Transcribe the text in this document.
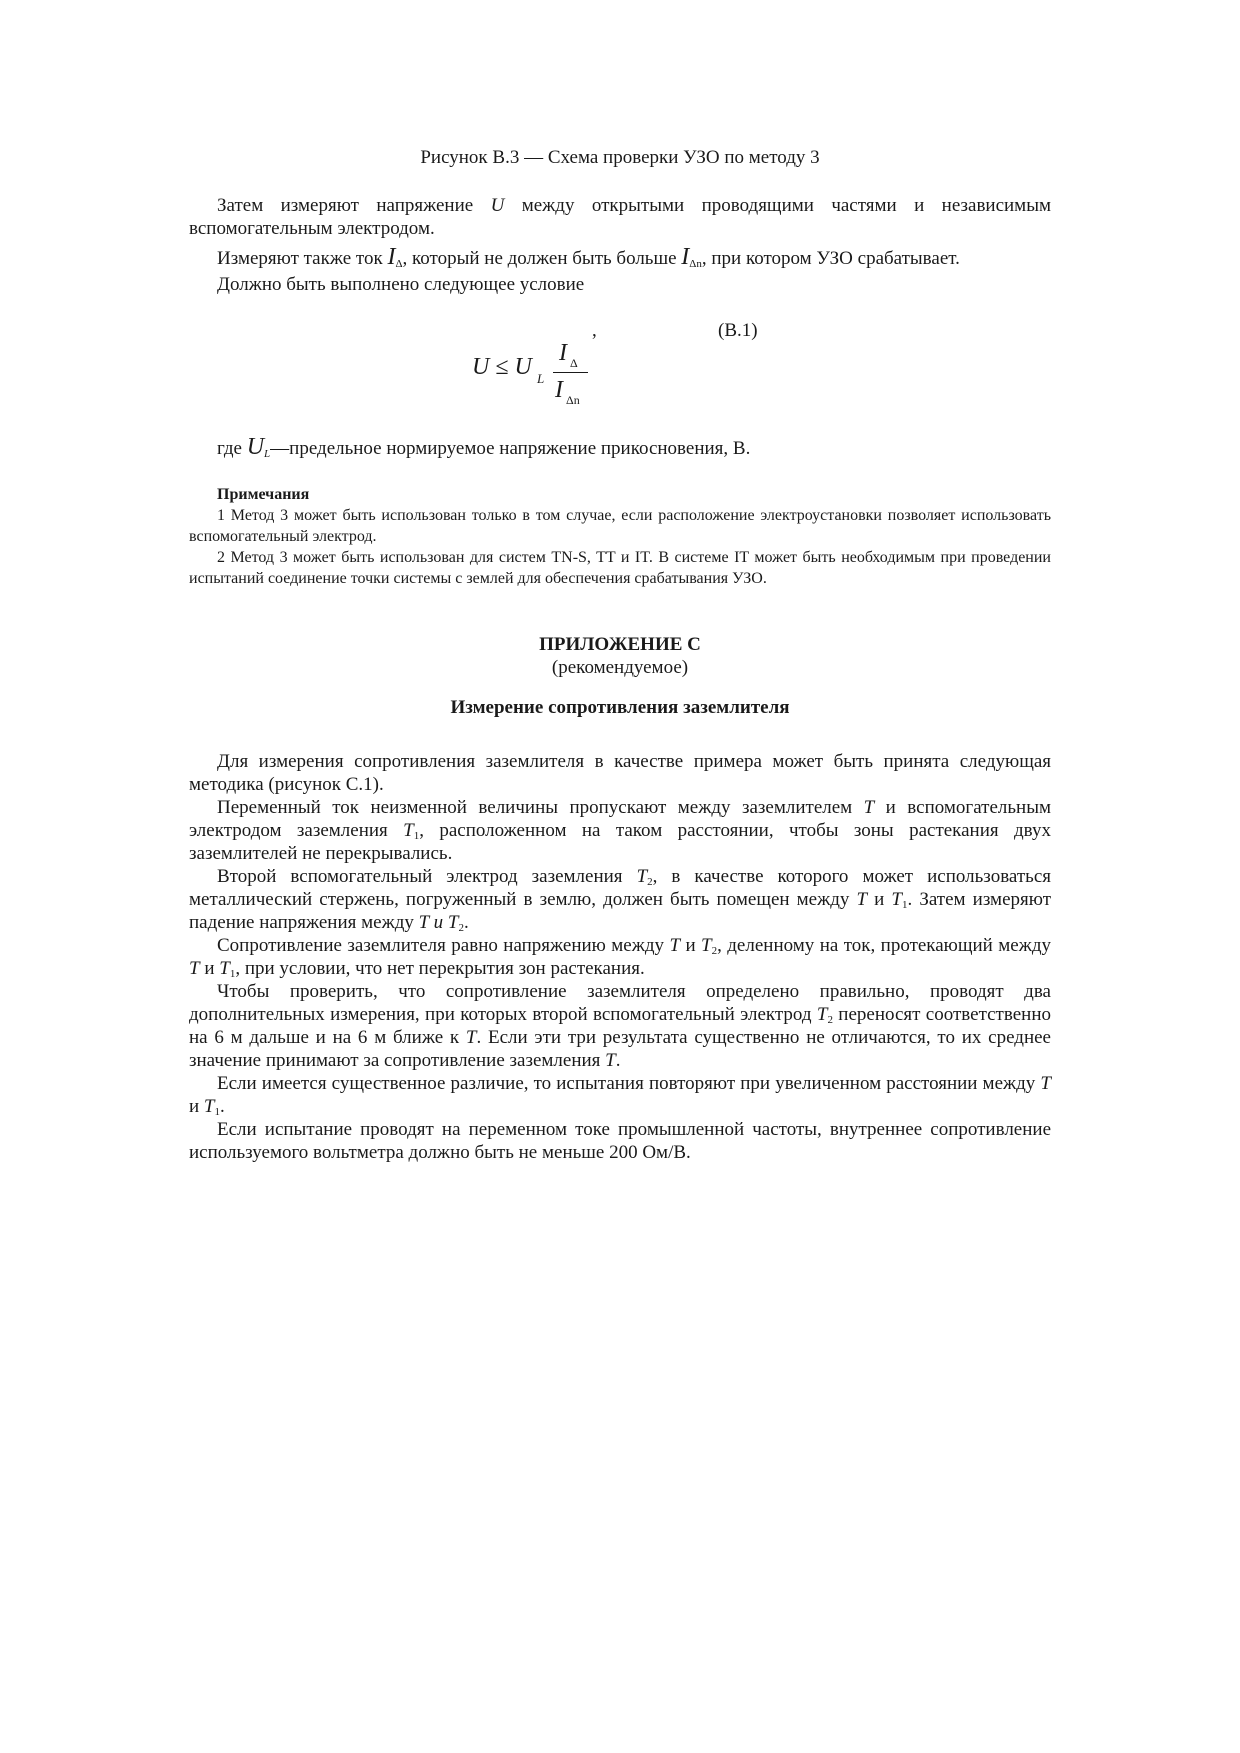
Рисунок В.3 — Схема проверки УЗО по методу 3

Затем измеряют напряжение U между открытыми проводящими частями и независимым вспомогательным электродом.

Измеряют также ток $I_\Delta$, который не должен быть больше $I_{\Delta n}$, при котором УЗО срабатывает.

Должно быть выполнено следующее условие

U ≤ U L
I Δ
I Δn
,	(В.1)

где $U_L—предельное$ нормируемое напряжение прикосновения, В.

Примечания

1 Метод 3 может быть использован только в том случае, если расположение электроустановки позволяет использовать вспомогательный электрод.

2 Метод 3 может быть использован для систем TN-S, TT и IT. В системе IT может быть необходимым при проведении испытаний соединение точки системы с землей для обеспечения срабатывания УЗО.

ПРИЛОЖЕНИЕ С

(рекомендуемое)

Измерение сопротивления заземлителя

Для измерения сопротивления заземлителя в качестве примера может быть принята следующая методика (рисунок С.1).

Переменный ток неизменной величины пропускают между заземлителем T и вспомогательным электродом заземления $T_1$, расположенном на таком расстоянии, чтобы зоны растекания двух заземлителей не перекрывались.

Второй вспомогательный электрод заземления $T_2$, в качестве которого может использоваться металлический стержень, погруженный в землю, должен быть помещен между T и $T_1$. Затем измеряют падение напряжения между T и $T_2$.

Сопротивление заземлителя равно напряжению между T и $T_2$, деленному на ток, протекающий между T и $T_1$, при условии, что нет перекрытия зон растекания.

Чтобы проверить, что сопротивление заземлителя определено правильно, проводят два дополнительных измерения, при которых второй вспомогательный электрод $T_2$ переносят соответственно на 6 м дальше и на 6 м ближе к T. Если эти три результата существенно не отличаются, то их среднее значение принимают за сопротивление заземления T.

Если имеется существенное различие, то испытания повторяют при увеличенном расстоянии между T и $T_1$.

Если испытание проводят на переменном токе промышленной частоты, внутреннее сопротивление используемого вольтметра должно быть не меньше 200 Ом/В.
